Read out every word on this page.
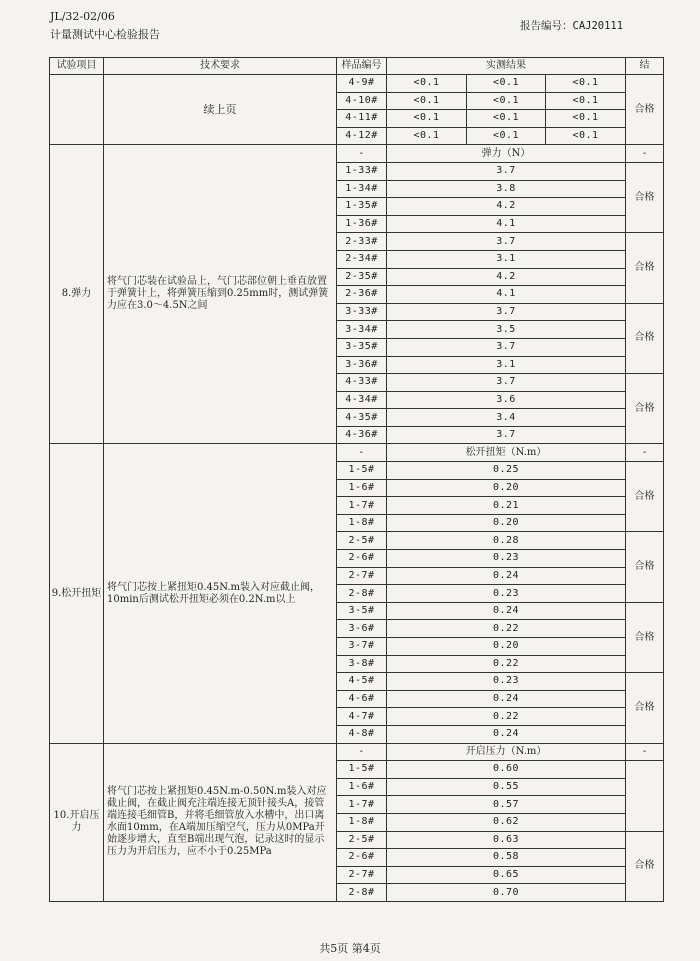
JL/32-02/06
计量测试中心检验报告
报告编号：CAJ20111
试验项目	技术要求	样品编号	实测结果			结
	续上页	4-9#	<0.1	<0.1	<0.1	合格
		4-10#	<0.1	<0.1	<0.1	
		4-11#	<0.1	<0.1	<0.1	
		4-12#	<0.1	<0.1	<0.1	
8.弹力	将气门芯装在试验品上，气门芯部位朝上垂直放置于弹簧计上，将弹簧压缩到0.25mm时，测试弹簧力应在3.0～4.5N之间	-	弹力（N）			-
		1-33#	3.7			合格
		1-34#	3.8			
		1-35#	4.2			
		1-36#	4.1			
		2-33#	3.7			合格
		2-34#	3.1			
		2-35#	4.2			
		2-36#	4.1			
		3-33#	3.7			合格
		3-34#	3.5			
		3-35#	3.7			
		3-36#	3.1			
		4-33#	3.7			合格
		4-34#	3.6			
		4-35#	3.4			
		4-36#	3.7			
9.松开扭矩	将气门芯按上紧扭矩0.45N.m装入对应截止阀，10min后测试松开扭矩必须在0.2N.m以上	-	松开扭矩（N.m）			-
		1-5#	0.25			合格
		1-6#	0.20			
		1-7#	0.21			
		1-8#	0.20			
		2-5#	0.28			合格
		2-6#	0.23			
		2-7#	0.24			
		2-8#	0.23			
		3-5#	0.24			合格
		3-6#	0.22			
		3-7#	0.20			
		3-8#	0.22			
		4-5#	0.23			合格
		4-6#	0.24			
		4-7#	0.22			
		4-8#	0.24			
10.开启压力	将气门芯按上紧扭矩0.45N.m-0.50N.m装入对应截止阀，在截止阀充注端连接无顶针接头A，接管端连接毛细管B，并将毛细管放入水槽中，出口离水面10mm，在A端加压缩空气，压力从0MPa开始逐步增大，直至B端出现气泡，记录这时的显示压力为开启压力，应不小于0.25MPa	-	开启压力（N.m）			-
		1-5#	0.60			
		1-6#	0.55			
		1-7#	0.57			
		1-8#	0.62			
		2-5#	0.63			合格
		2-6#	0.58			
		2-7#	0.65			
		2-8#	0.70			
共5页 第4页
